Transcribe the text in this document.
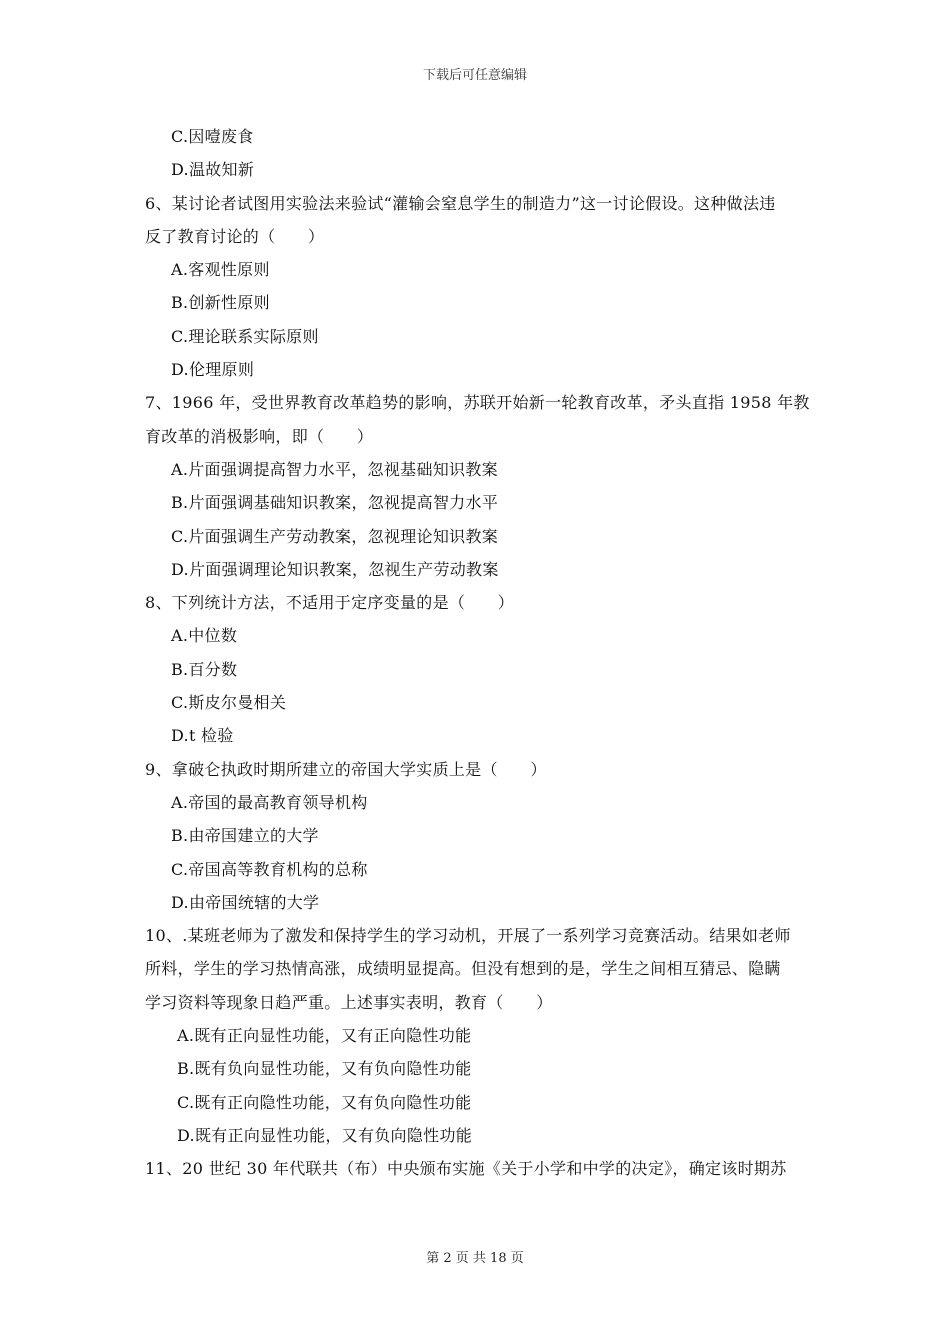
下载后可任意编辑
C.因噎废食
D.温故知新
6、某讨论者试图用实验法来验试“灌输会窒息学生的制造力”这一讨论假设。这种做法违
反了教育讨论的（　　）
A.客观性原则
B.创新性原则
C.理论联系实际原则
D.伦理原则
7、1966 年，受世界教育改革趋势的影响，苏联开始新一轮教育改革，矛头直指 1958 年教
育改革的消极影响，即（　　）
A.片面强调提高智力水平，忽视基础知识教案
B.片面强调基础知识教案，忽视提高智力水平
C.片面强调生产劳动教案，忽视理论知识教案
D.片面强调理论知识教案，忽视生产劳动教案
8、下列统计方法，不适用于定序变量的是（　　）
A.中位数
B.百分数
C.斯皮尔曼相关
D.t 检验
9、拿破仑执政时期所建立的帝国大学实质上是（　　）
A.帝国的最高教育领导机构
B.由帝国建立的大学
C.帝国高等教育机构的总称
D.由帝国统辖的大学
10、.某班老师为了激发和保持学生的学习动机，开展了一系列学习竞赛活动。结果如老师
所料，学生的学习热情高涨，成绩明显提高。但没有想到的是，学生之间相互猜忌、隐瞒
学习资料等现象日趋严重。上述事实表明，教育（　　）
A.既有正向显性功能，又有正向隐性功能
B.既有负向显性功能，又有负向隐性功能
C.既有正向隐性功能，又有负向隐性功能
D.既有正向显性功能，又有负向隐性功能
11、20 世纪 30 年代联共（布）中央颁布实施《关于小学和中学的决定》，确定该时期苏
第 2 页 共 18 页
